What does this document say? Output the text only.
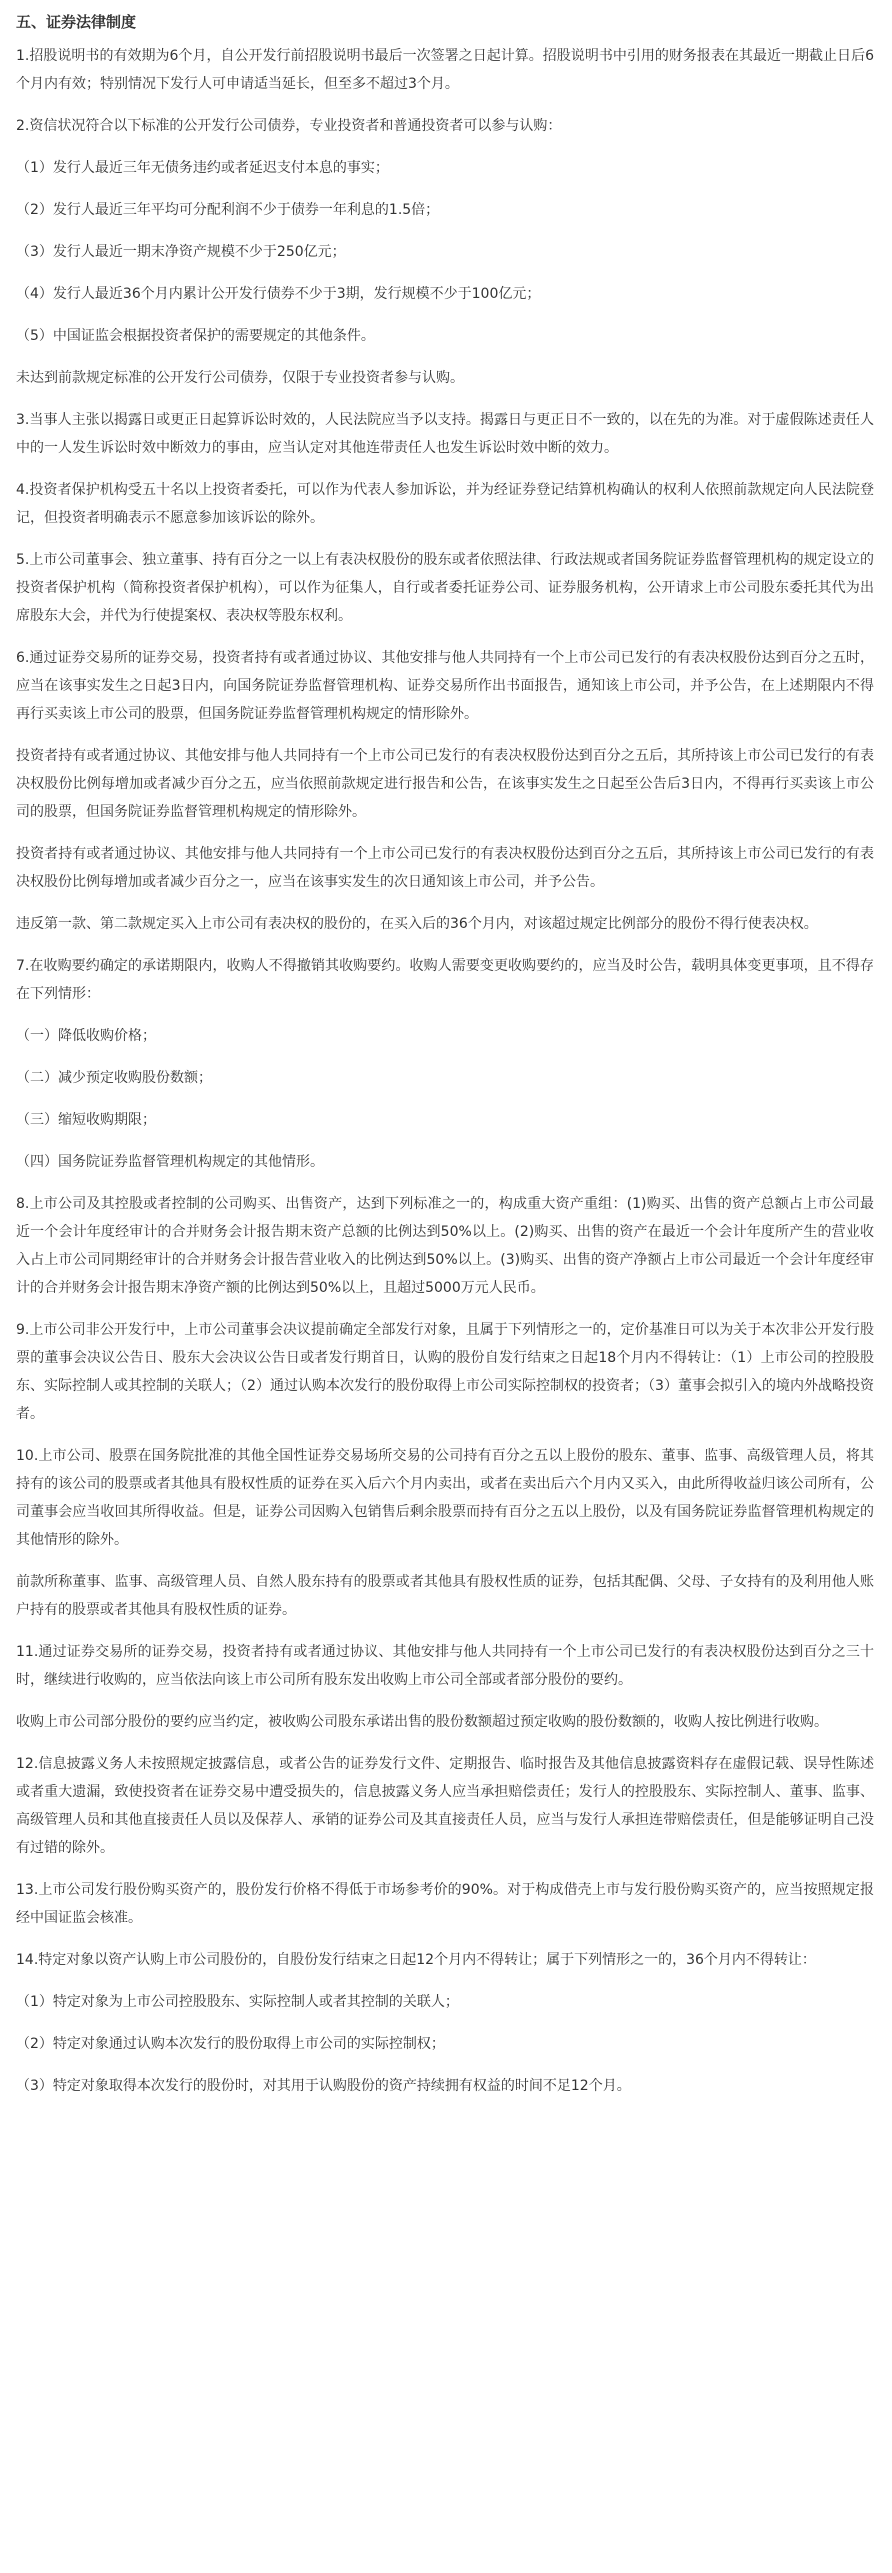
五、证券法律制度

1.招股说明书的有效期为6个月，自公开发行前招股说明书最后一次签署之日起计算。招股说明书中引用的财务报表在其最近一期截止日后6个月内有效；特别情况下发行人可申请适当延长，但至多不超过3个月。

2.资信状况符合以下标准的公开发行公司债券，专业投资者和普通投资者可以参与认购：

（1）发行人最近三年无债务违约或者延迟支付本息的事实；

（2）发行人最近三年平均可分配利润不少于债券一年利息的1.5倍；

（3）发行人最近一期末净资产规模不少于250亿元；

（4）发行人最近36个月内累计公开发行债券不少于3期，发行规模不少于100亿元；

（5）中国证监会根据投资者保护的需要规定的其他条件。

未达到前款规定标准的公开发行公司债券，仅限于专业投资者参与认购。

3.当事人主张以揭露日或更正日起算诉讼时效的，人民法院应当予以支持。揭露日与更正日不一致的，以在先的为准。对于虚假陈述责任人中的一人发生诉讼时效中断效力的事由，应当认定对其他连带责任人也发生诉讼时效中断的效力。

4.投资者保护机构受五十名以上投资者委托，可以作为代表人参加诉讼，并为经证券登记结算机构确认的权利人依照前款规定向人民法院登记，但投资者明确表示不愿意参加该诉讼的除外。

5.上市公司董事会、独立董事、持有百分之一以上有表决权股份的股东或者依照法律、行政法规或者国务院证券监督管理机构的规定设立的投资者保护机构（简称投资者保护机构），可以作为征集人，自行或者委托证券公司、证券服务机构，公开请求上市公司股东委托其代为出席股东大会，并代为行使提案权、表决权等股东权利。

6.通过证券交易所的证券交易，投资者持有或者通过协议、其他安排与他人共同持有一个上市公司已发行的有表决权股份达到百分之五时，应当在该事实发生之日起3日内，向国务院证券监督管理机构、证券交易所作出书面报告，通知该上市公司，并予公告，在上述期限内不得再行买卖该上市公司的股票，但国务院证券监督管理机构规定的情形除外。

投资者持有或者通过协议、其他安排与他人共同持有一个上市公司已发行的有表决权股份达到百分之五后，其所持该上市公司已发行的有表决权股份比例每增加或者减少百分之五，应当依照前款规定进行报告和公告，在该事实发生之日起至公告后3日内，不得再行买卖该上市公司的股票，但国务院证券监督管理机构规定的情形除外。

投资者持有或者通过协议、其他安排与他人共同持有一个上市公司已发行的有表决权股份达到百分之五后，其所持该上市公司已发行的有表决权股份比例每增加或者减少百分之一，应当在该事实发生的次日通知该上市公司，并予公告。

违反第一款、第二款规定买入上市公司有表决权的股份的，在买入后的36个月内，对该超过规定比例部分的股份不得行使表决权。

7.在收购要约确定的承诺期限内，收购人不得撤销其收购要约。收购人需要变更收购要约的，应当及时公告，载明具体变更事项，且不得存在下列情形：

（一）降低收购价格；

（二）减少预定收购股份数额；

（三）缩短收购期限；

（四）国务院证券监督管理机构规定的其他情形。

8.上市公司及其控股或者控制的公司购买、出售资产，达到下列标准之一的，构成重大资产重组：(1)购买、出售的资产总额占上市公司最近一个会计年度经审计的合并财务会计报告期末资产总额的比例达到50%以上。(2)购买、出售的资产在最近一个会计年度所产生的营业收入占上市公司同期经审计的合并财务会计报告营业收入的比例达到50%以上。(3)购买、出售的资产净额占上市公司最近一个会计年度经审计的合并财务会计报告期末净资产额的比例达到50%以上，且超过5000万元人民币。

9.上市公司非公开发行中，上市公司董事会决议提前确定全部发行对象，且属于下列情形之一的，定价基准日可以为关于本次非公开发行股票的董事会决议公告日、股东大会决议公告日或者发行期首日，认购的股份自发行结束之日起18个月内不得转让：（1）上市公司的控股股东、实际控制人或其控制的关联人；（2）通过认购本次发行的股份取得上市公司实际控制权的投资者；（3）董事会拟引入的境内外战略投资者。

10.上市公司、股票在国务院批准的其他全国性证券交易场所交易的公司持有百分之五以上股份的股东、董事、监事、高级管理人员，将其持有的该公司的股票或者其他具有股权性质的证券在买入后六个月内卖出，或者在卖出后六个月内又买入，由此所得收益归该公司所有，公司董事会应当收回其所得收益。但是，证券公司因购入包销售后剩余股票而持有百分之五以上股份，以及有国务院证券监督管理机构规定的其他情形的除外。

前款所称董事、监事、高级管理人员、自然人股东持有的股票或者其他具有股权性质的证券，包括其配偶、父母、子女持有的及利用他人账户持有的股票或者其他具有股权性质的证券。

11.通过证券交易所的证券交易，投资者持有或者通过协议、其他安排与他人共同持有一个上市公司已发行的有表决权股份达到百分之三十时，继续进行收购的，应当依法向该上市公司所有股东发出收购上市公司全部或者部分股份的要约。

收购上市公司部分股份的要约应当约定，被收购公司股东承诺出售的股份数额超过预定收购的股份数额的，收购人按比例进行收购。

12.信息披露义务人未按照规定披露信息，或者公告的证券发行文件、定期报告、临时报告及其他信息披露资料存在虚假记载、误导性陈述或者重大遗漏，致使投资者在证券交易中遭受损失的，信息披露义务人应当承担赔偿责任；发行人的控股股东、实际控制人、董事、监事、高级管理人员和其他直接责任人员以及保荐人、承销的证券公司及其直接责任人员，应当与发行人承担连带赔偿责任，但是能够证明自己没有过错的除外。

13.上市公司发行股份购买资产的，股份发行价格不得低于市场参考价的90%。对于构成借壳上市与发行股份购买资产的，应当按照规定报经中国证监会核准。

14.特定对象以资产认购上市公司股份的，自股份发行结束之日起12个月内不得转让；属于下列情形之一的，36个月内不得转让：

（1）特定对象为上市公司控股股东、实际控制人或者其控制的关联人；

（2）特定对象通过认购本次发行的股份取得上市公司的实际控制权；

（3）特定对象取得本次发行的股份时，对其用于认购股份的资产持续拥有权益的时间不足12个月。
